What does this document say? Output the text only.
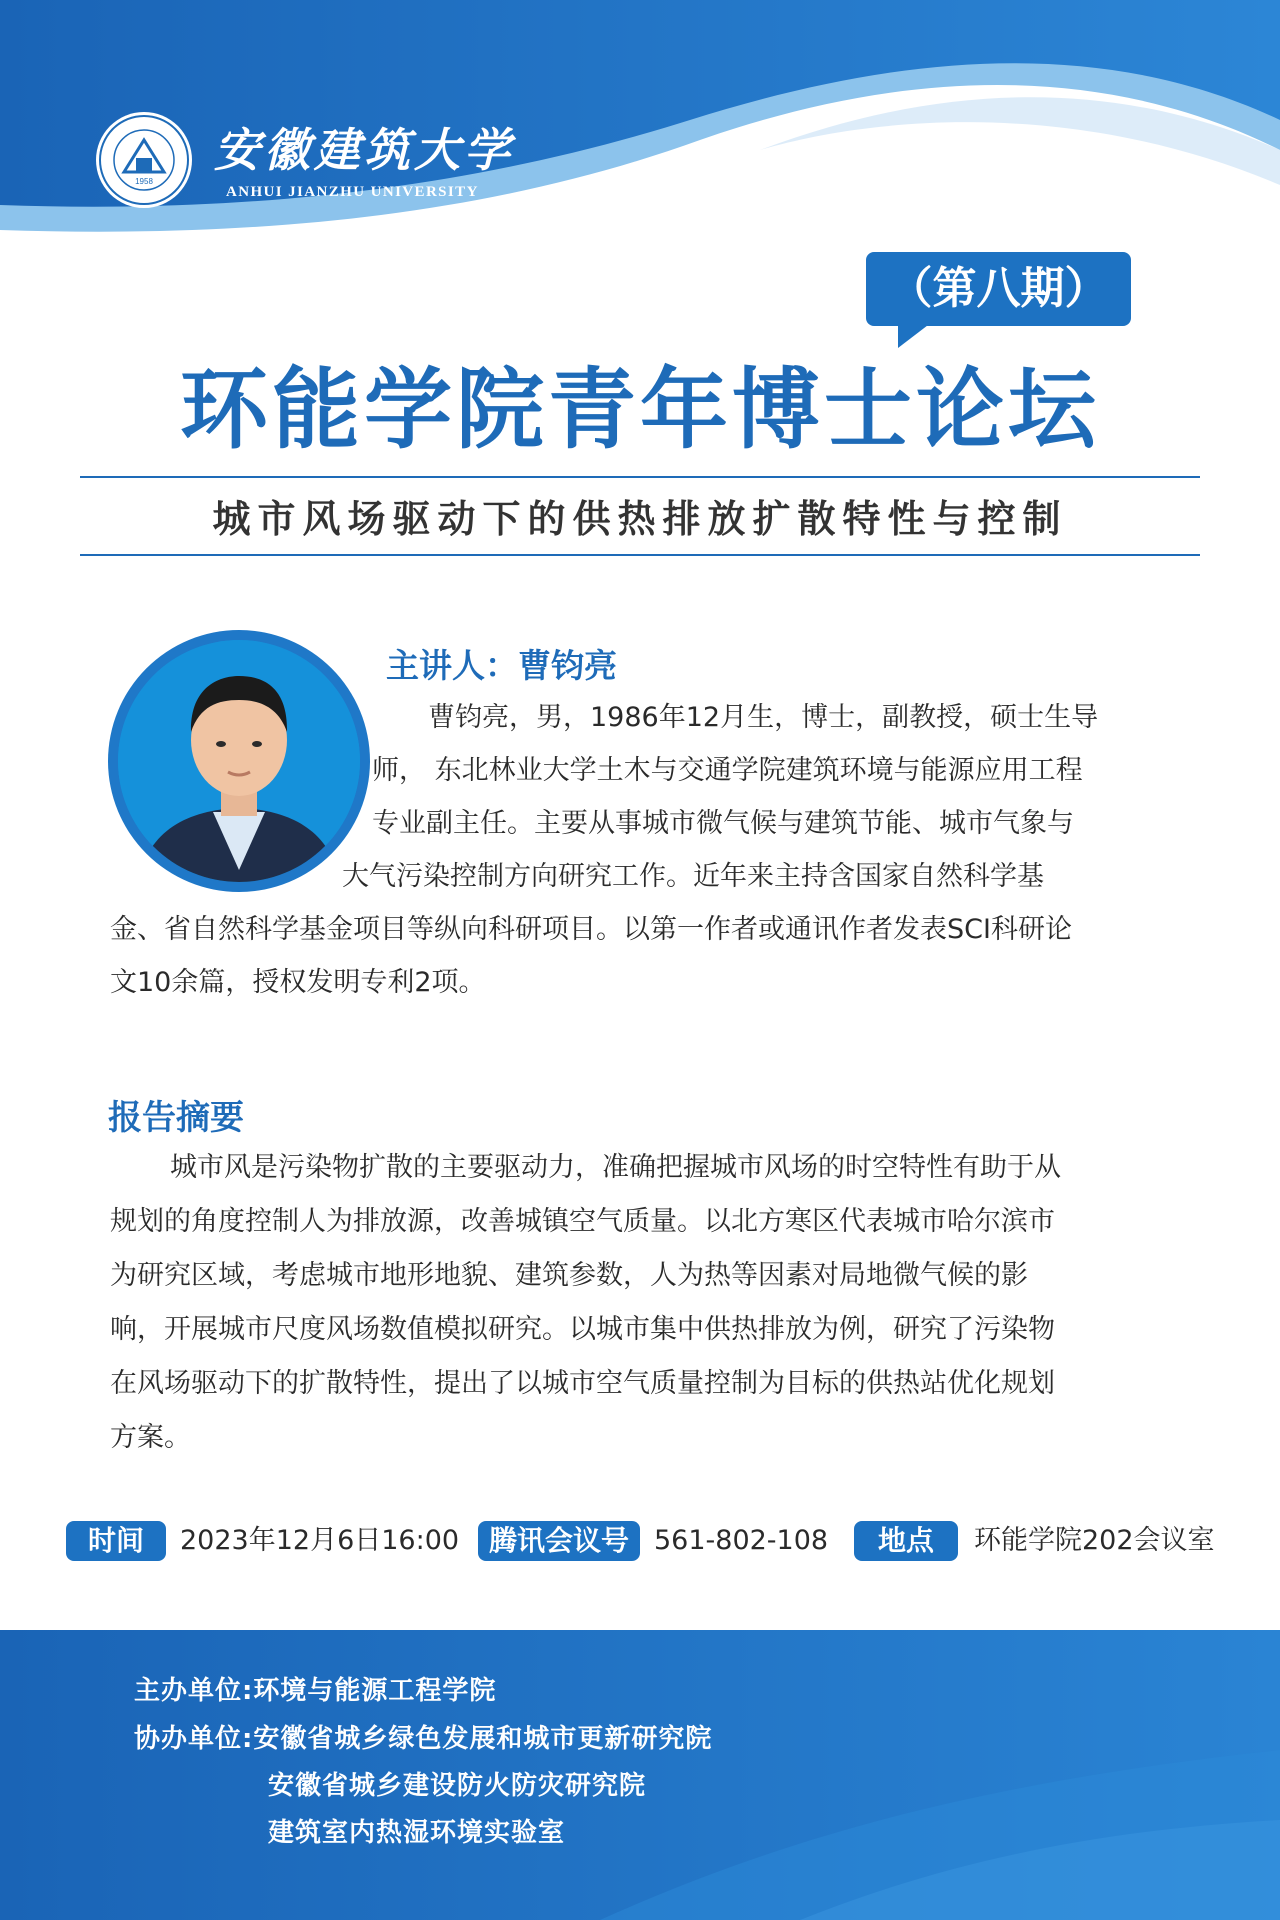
1958
安徽建筑大学
ANHUI JIANZHU UNIVERSITY
（第八期）
环能学院青年博士论坛
城市风场驱动下的供热排放扩散特性与控制
主讲人：曹钧亮
曹钧亮，男，1986年12月生，博士，副教授，硕士生导
师， 东北林业大学土木与交通学院建筑环境与能源应用工程
专业副主任。主要从事城市微气候与建筑节能、城市气象与
大气污染控制方向研究工作。近年来主持含国家自然科学基
金、省自然科学基金项目等纵向科研项目。以第一作者或通讯作者发表SCI科研论
文10余篇，授权发明专利2项。
报告摘要
城市风是污染物扩散的主要驱动力，准确把握城市风场的时空特性有助于从
规划的角度控制人为排放源，改善城镇空气质量。以北方寒区代表城市哈尔滨市
为研究区域，考虑城市地形地貌、建筑参数，人为热等因素对局地微气候的影
响，开展城市尺度风场数值模拟研究。以城市集中供热排放为例，研究了污染物
在风场驱动下的扩散特性，提出了以城市空气质量控制为目标的供热站优化规划
方案。
时间	2023年12月6日16:00	腾讯会议号 561-802-108	地点	环能学院202会议室
主办单位:环境与能源工程学院
协办单位:安徽省城乡绿色发展和城市更新研究院
安徽省城乡建设防火防灾研究院
建筑室内热湿环境实验室
